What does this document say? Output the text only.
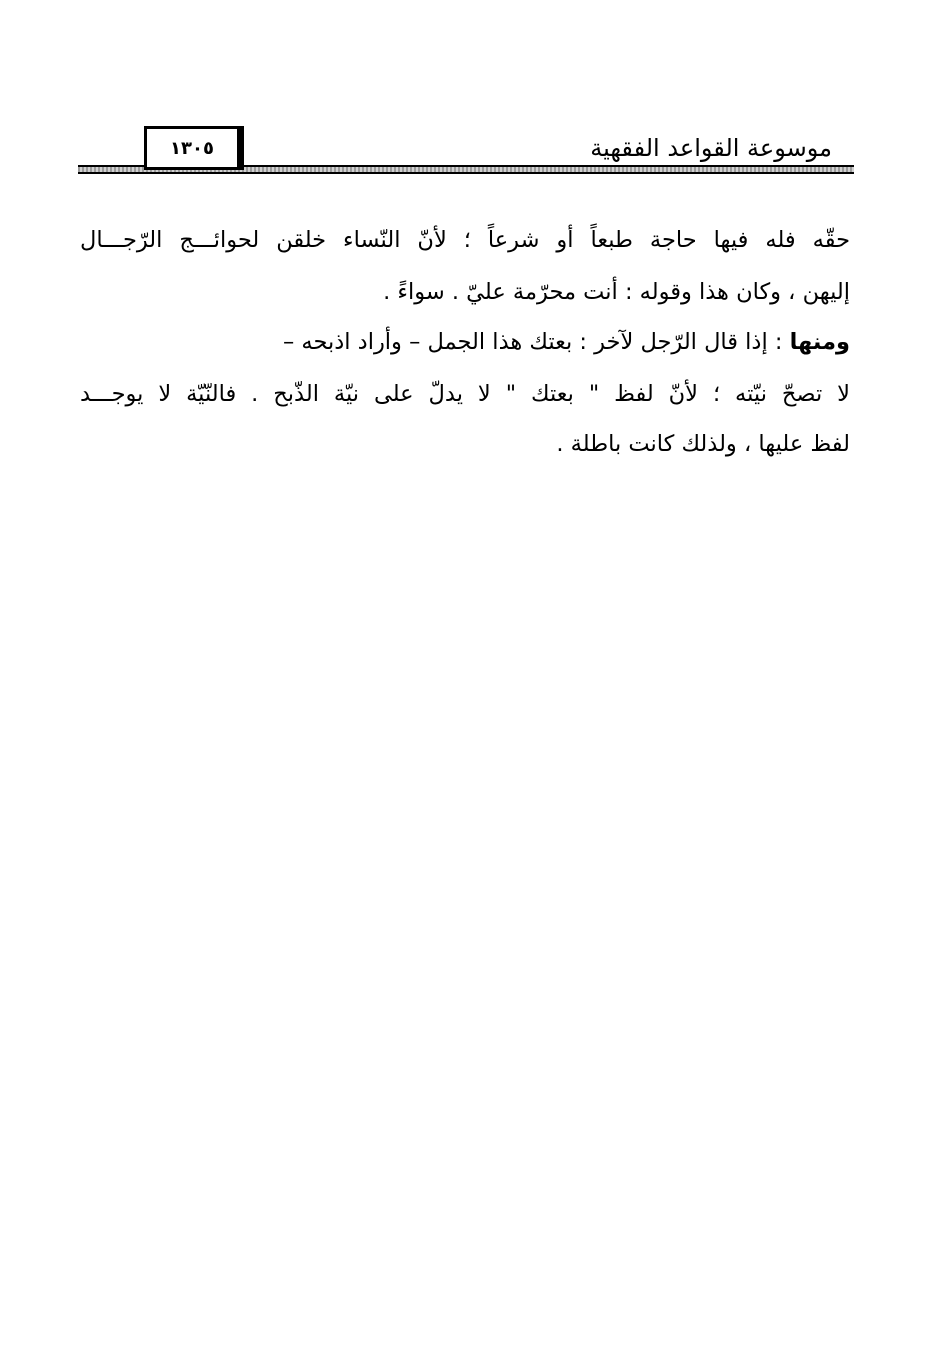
موسوعة القواعد الفقهية
١٣٠٥
حقّه فله فيها حاجة طبعاً أو شرعاً ؛ لأنّ النّساء خلقن لحوائـــج الرّجـــال
إليهن ، وكان هذا وقوله : أنت محرّمة عليّ . سواءً .
ومنها : إذا قال الرّجل لآخر : بعتك هذا الجمل – وأراد اذبحه –
لا تصحّ نيّته ؛ لأنّ لفظ " بعتك " لا يدلّ على نيّة الذّبح . فالنّيّة لا يوجـــد
لفظ عليها ، ولذلك كانت باطلة .
